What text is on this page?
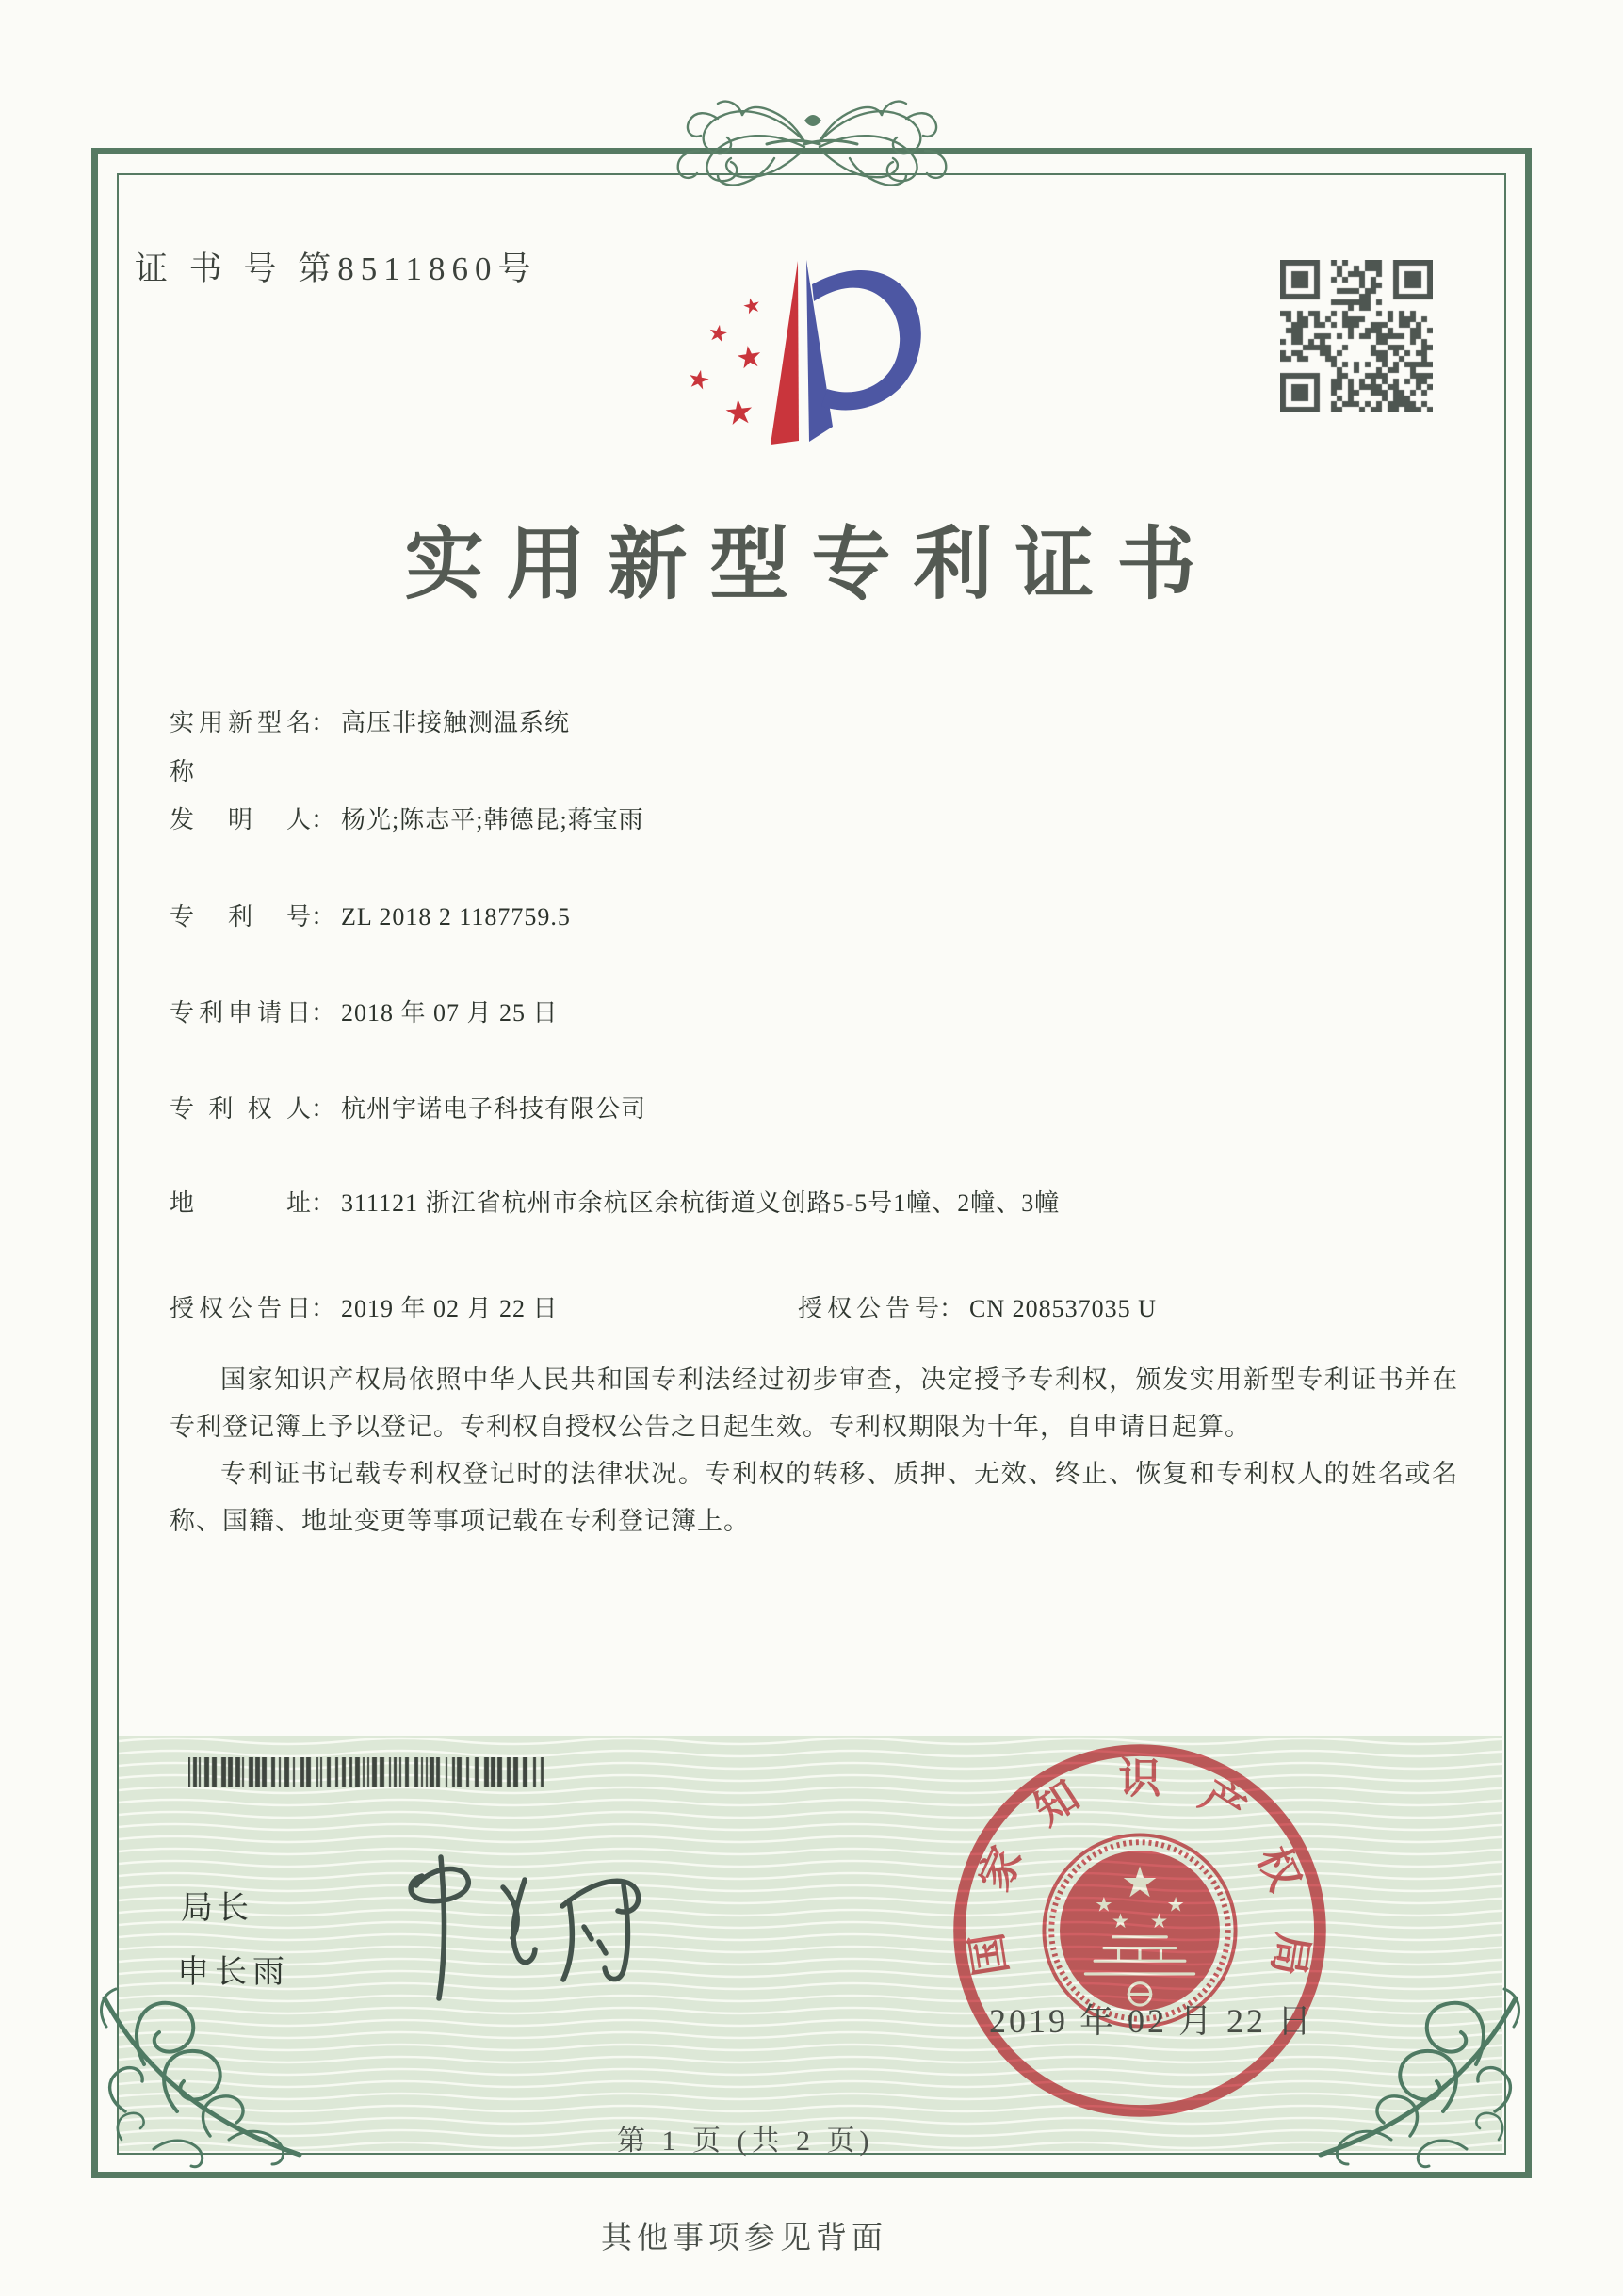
证 书 号 第8511860号
★
★
★
★
★
实用新型专利证书
实用新型名称
： 高压非接触测温系统
发明人 ： 杨光;陈志平;韩德昆;蒋宝雨
专利号 ： ZL 2018 2 1187759.5
专利申请日 ： 2018 年 07 月 25 日
专利权人 ： 杭州宇诺电子科技有限公司
地址 ： 311121 浙江省杭州市余杭区余杭街道义创路5-5号1幢、2幢、3幢
授权公告日 ： 2019 年 02 月 22 日	授权公告号 ： CN 208537035 U

国家知识产权局依照中华人民共和国专利法经过初步审查，决定授予专利权，颁发实用新型专利证书并在专利登记簿上予以登记。专利权自授权公告之日起生效。专利权期限为十年，自申请日起算。

专利证书记载专利权登记时的法律状况。专利权的转移、质押、无效、终止、恢复和专利权人的姓名或名称、国籍、地址变更等事项记载在专利登记簿上。

局长
申长雨
★
★	★
★ ★
国
家
知 识 产
权
局
2019 年 02 月 22 日
第 1 页 (共 2 页)
其他事项参见背面
